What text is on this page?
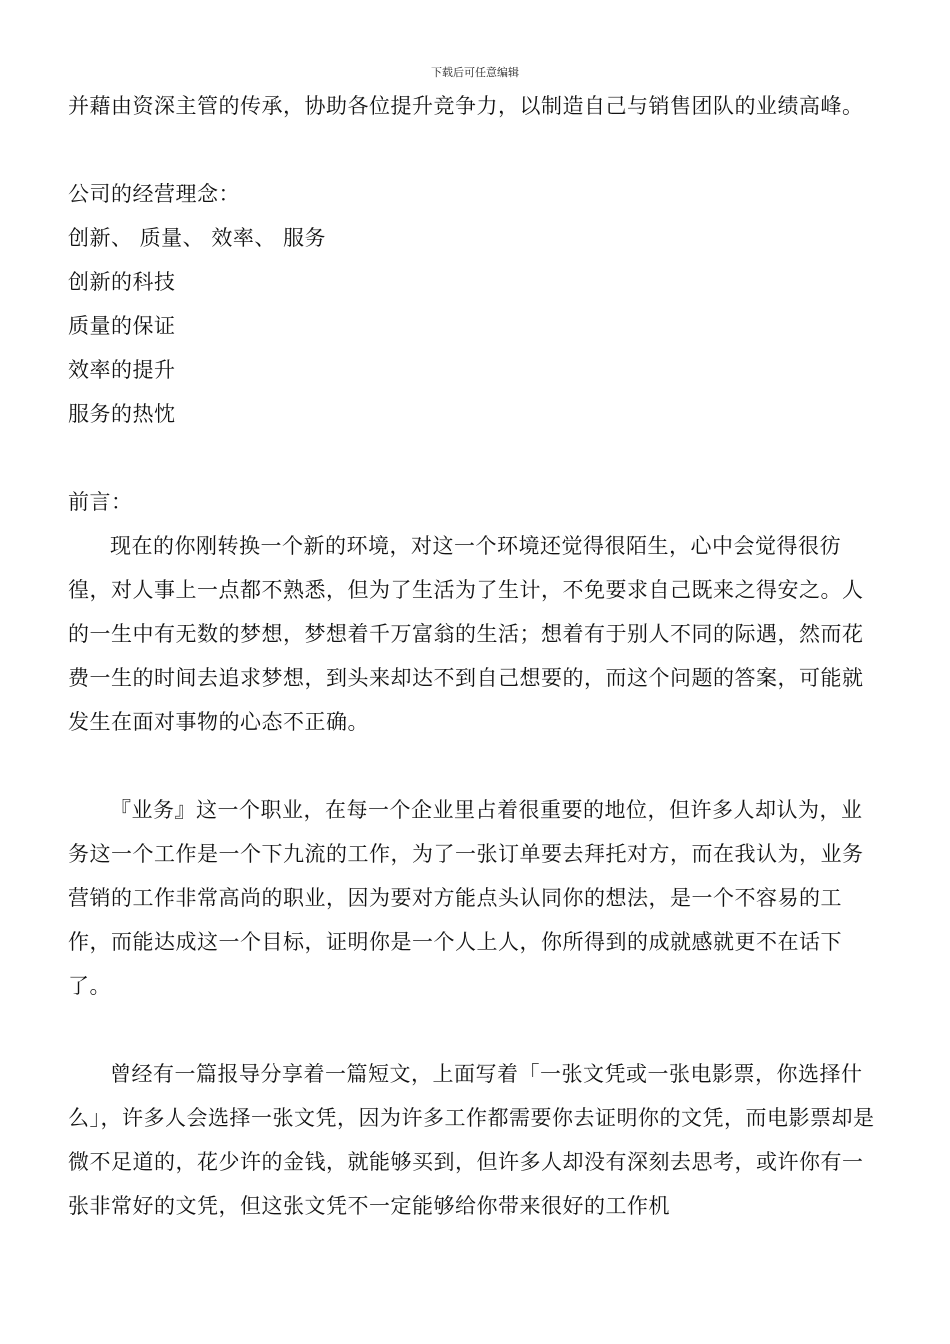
下载后可任意编辑

并藉由资深主管的传承，协助各位提升竞争力，以制造自己与销售团队的业绩高峰。

公司的经营理念：

创新、 质量、 效率、 服务

创新的科技

质量的保证

效率的提升

服务的热忱

前言：

现在的你刚转换一个新的环境，对这一个环境还觉得很陌生，心中会觉得很彷徨，对人事上一点都不熟悉，但为了生活为了生计，不免要求自己既来之得安之。人的一生中有无数的梦想，梦想着千万富翁的生活；想着有于别人不同的际遇，然而花费一生的时间去追求梦想，到头来却达不到自己想要的，而这个问题的答案，可能就发生在面对事物的心态不正确。

『业务』这一个职业，在每一个企业里占着很重要的地位，但许多人却认为，业务这一个工作是一个下九流的工作，为了一张订单要去拜托对方，而在我认为，业务营销的工作非常高尚的职业，因为要对方能点头认同你的想法，是一个不容易的工作，而能达成这一个目标，证明你是一个人上人，你所得到的成就感就更不在话下了。

曾经有一篇报导分享着一篇短文，上面写着「一张文凭或一张电影票，你选择什么」，许多人会选择一张文凭，因为许多工作都需要你去证明你的文凭，而电影票却是微不足道的，花少许的金钱，就能够买到，但许多人却没有深刻去思考，或许你有一张非常好的文凭，但这张文凭不一定能够给你带来很好的工作机
